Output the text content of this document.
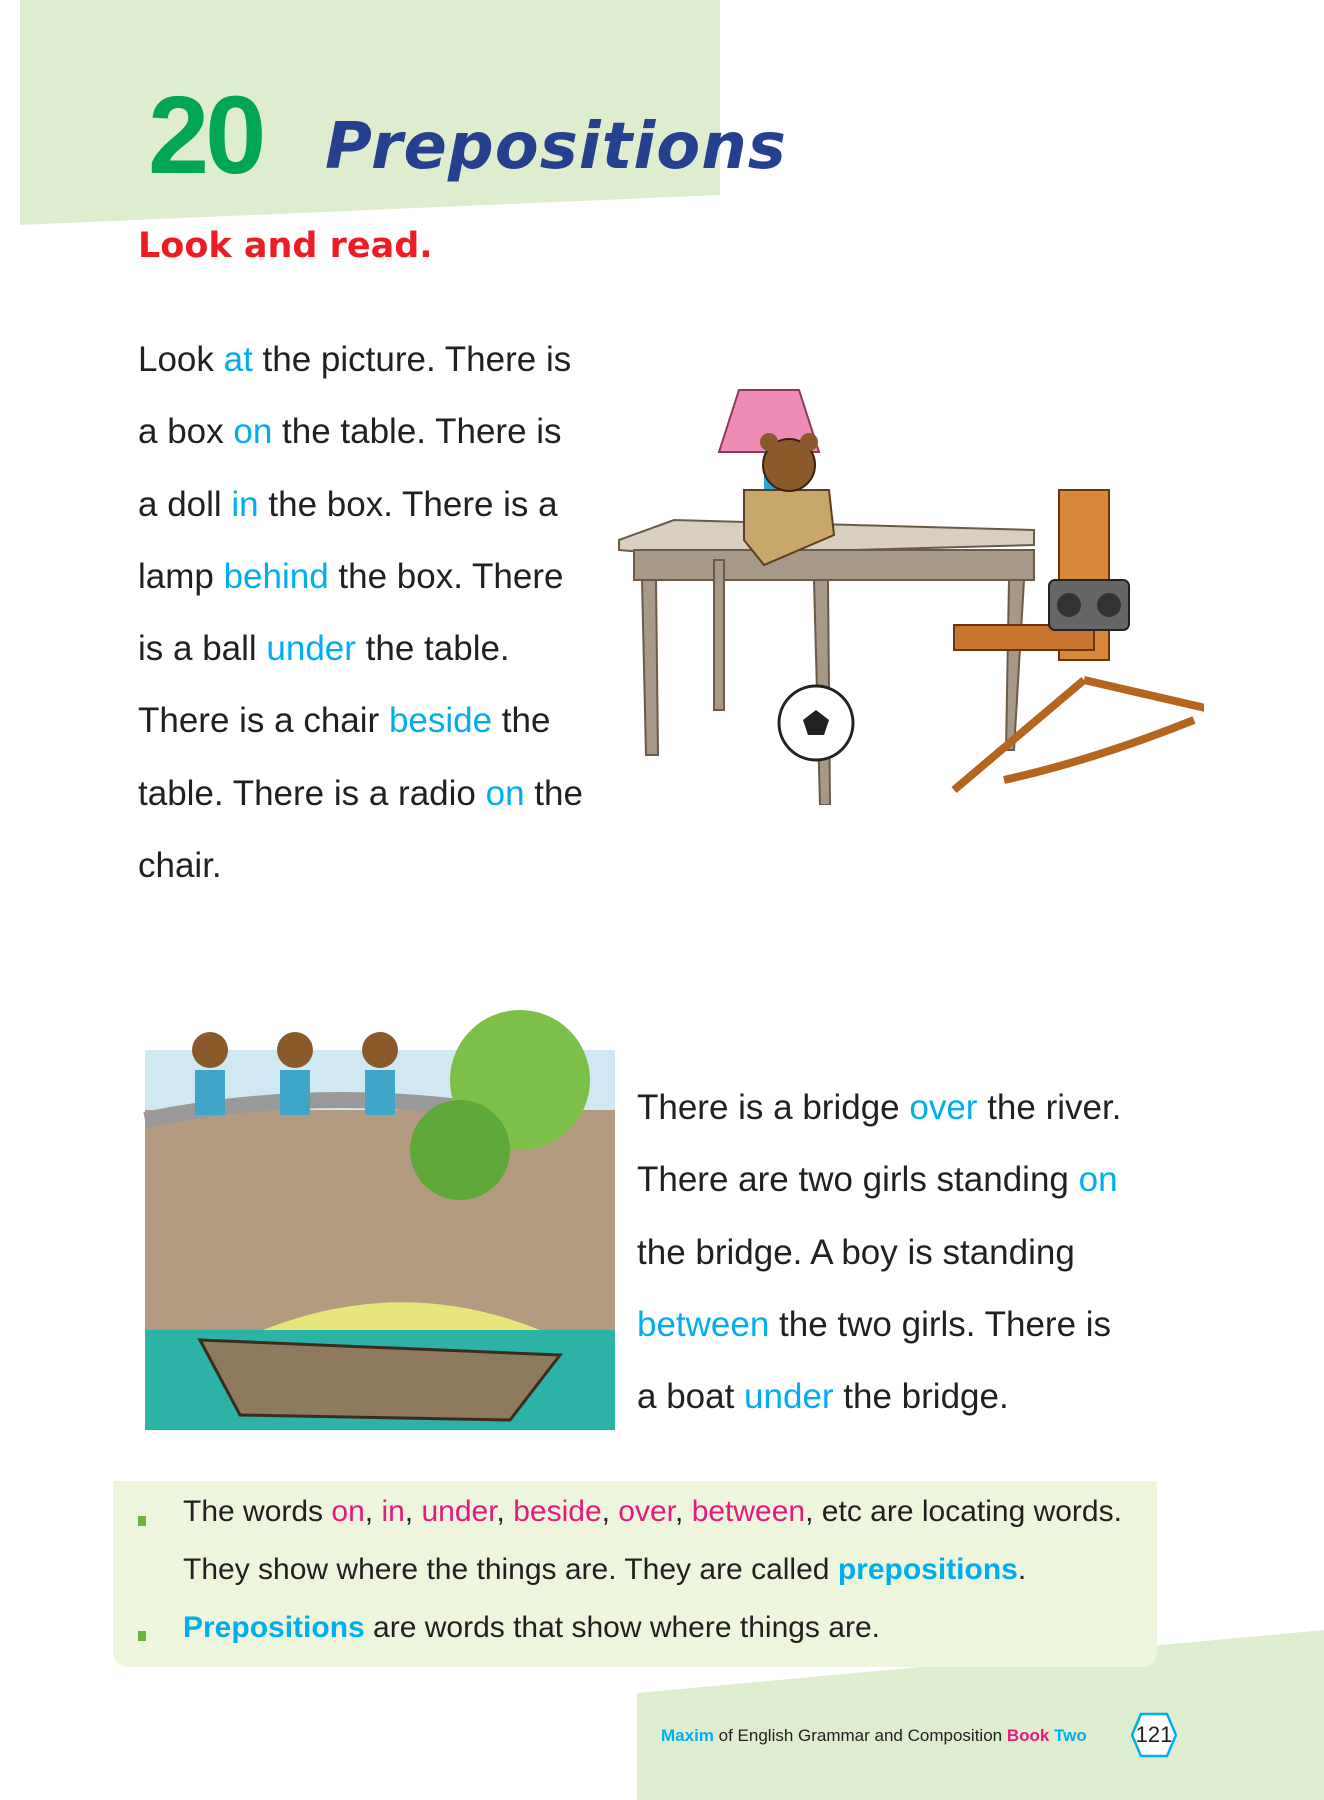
20 Prepositions
Look and read.
Look at the picture. There is
a box on the table. There is
a doll in the box. There is a
lamp behind the box. There
is a ball under the table.
There is a chair beside the
table. There is a radio on the
chair.
There is a bridge over the river.
There are two girls standing on
the bridge. A boy is standing
between the two girls. There is
a boat under the bridge.
The words on, in, under, beside, over, between, etc are locating words.
They show where the things are. They are called prepositions.
Prepositions are words that show where things are.
Maxim of English Grammar and Composition Book Two 121
